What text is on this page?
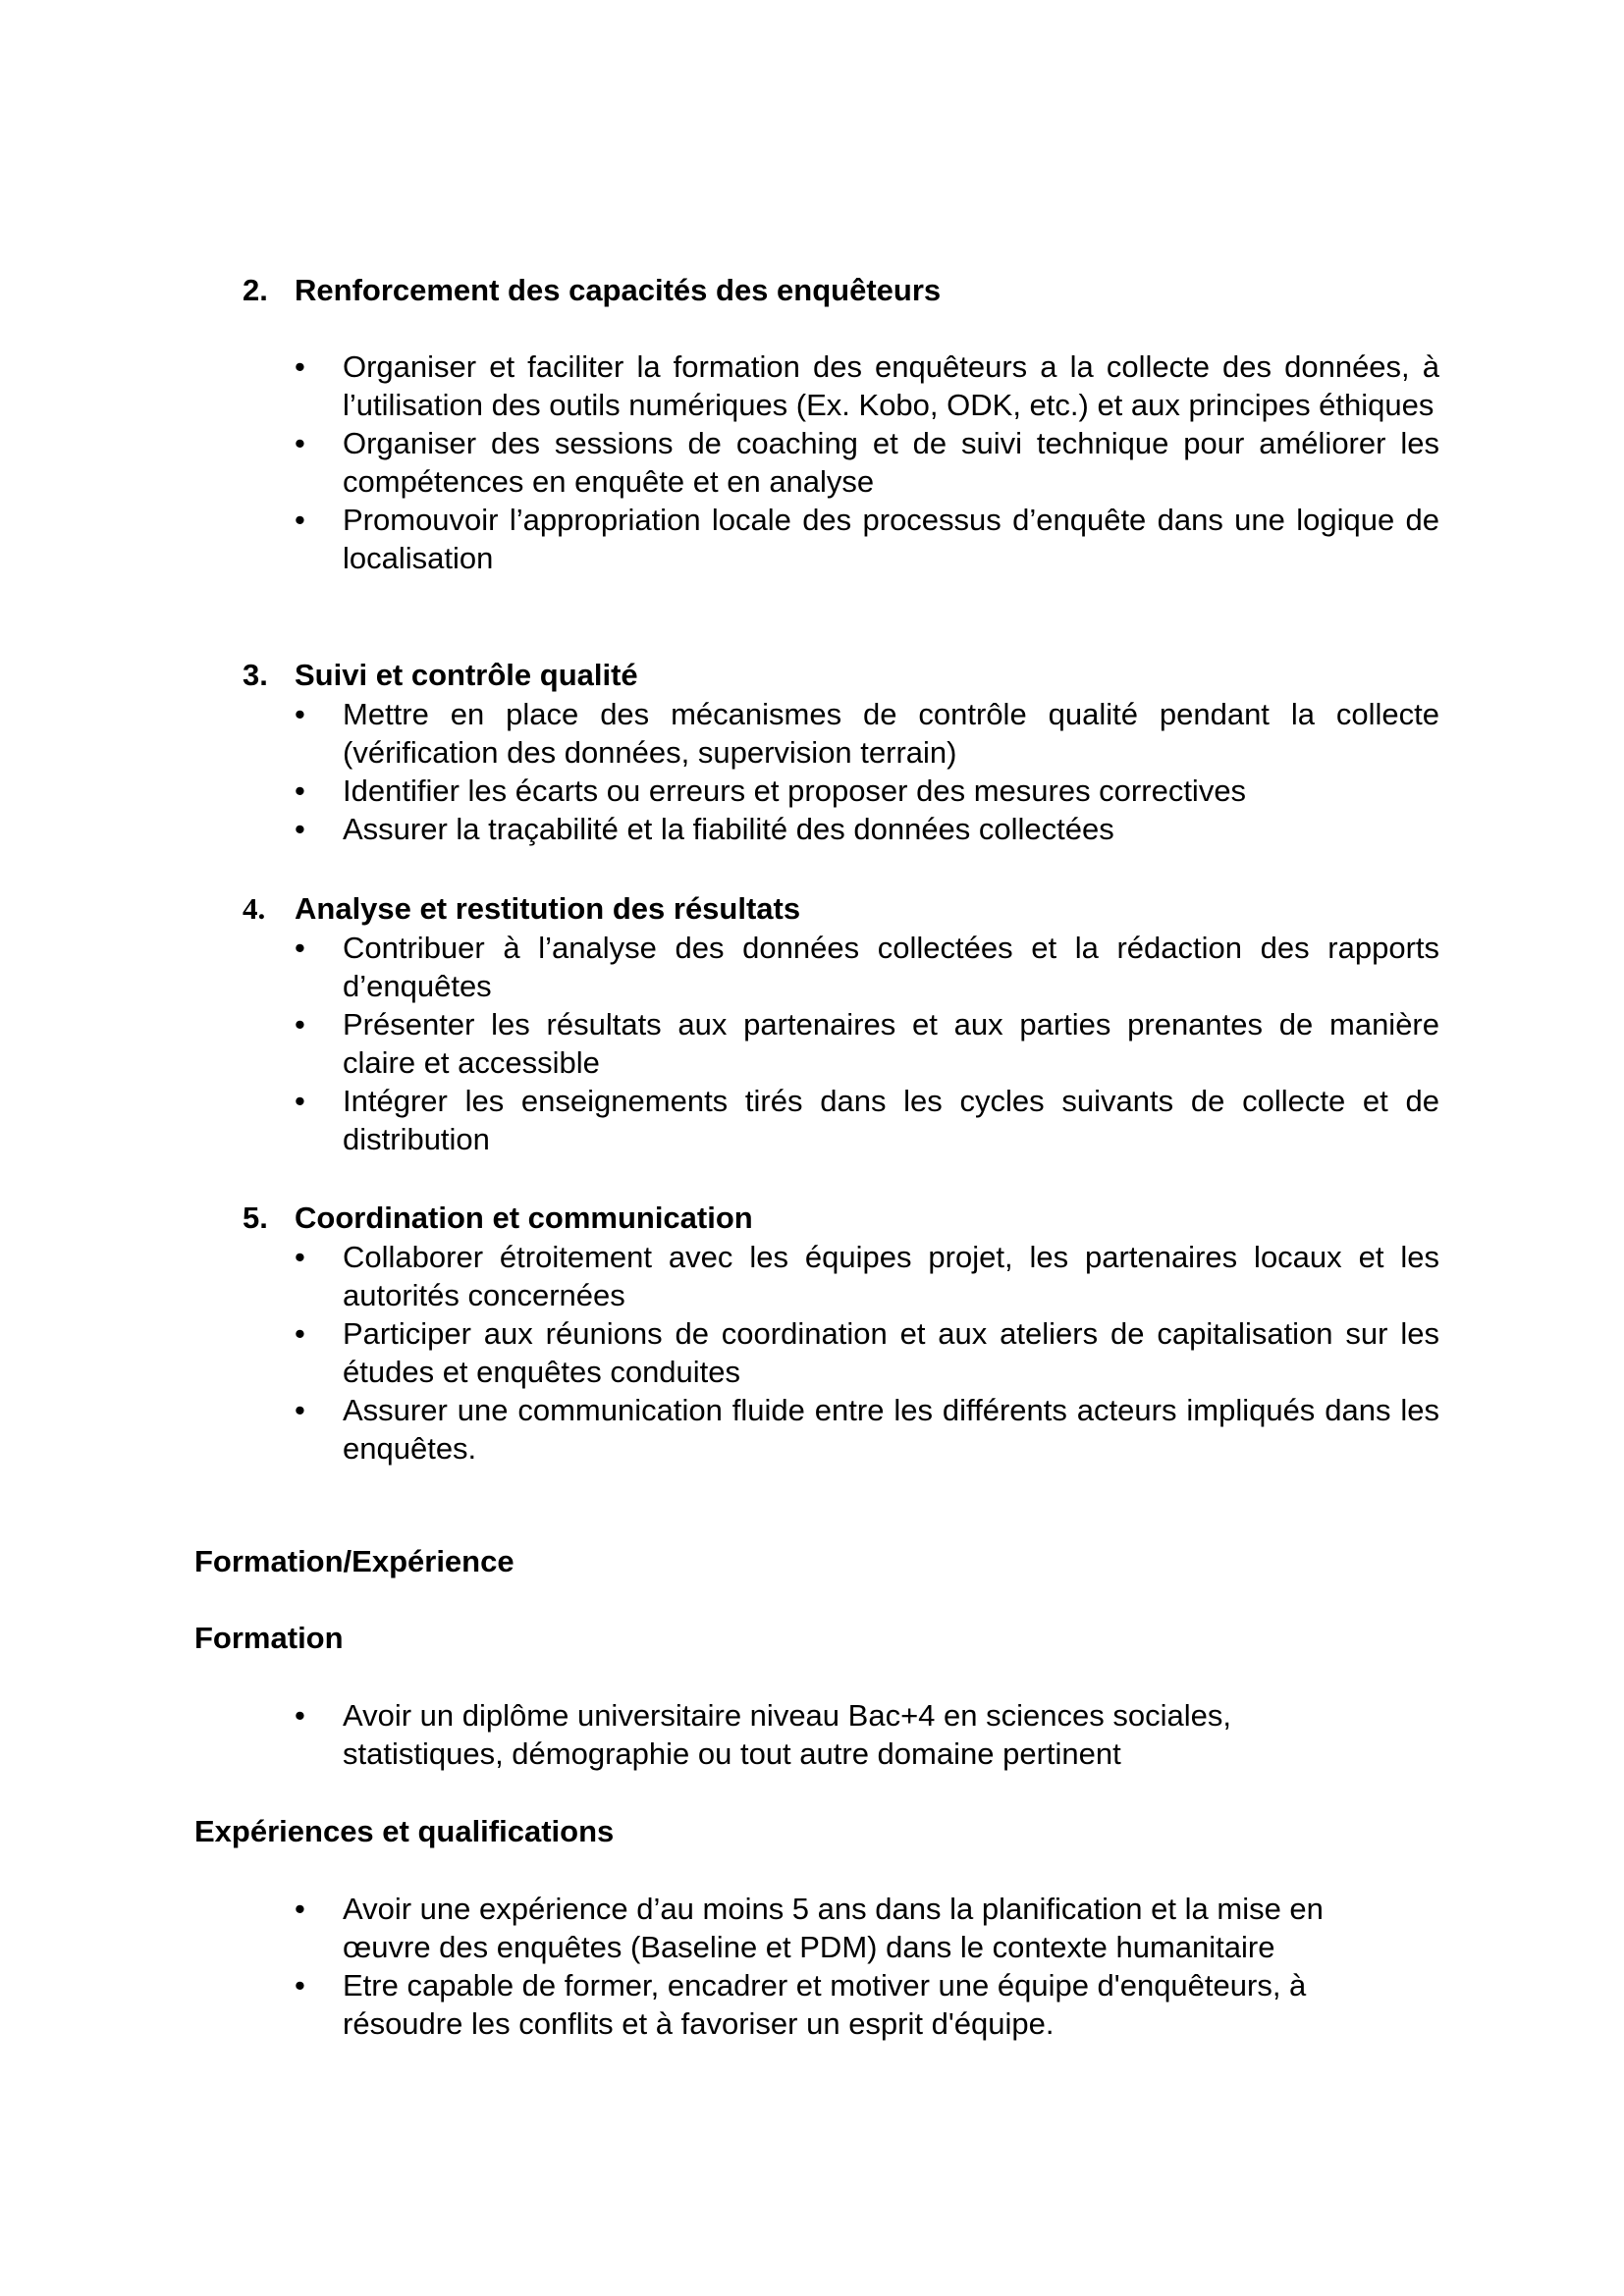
2. Renforcement des capacités des enquêteurs
• Organiser et faciliter la formation des enquêteurs a la collecte des données, à l’utilisation des outils numériques (Ex. Kobo, ODK, etc.) et aux principes éthiques
• Organiser des sessions de coaching et de suivi technique pour améliorer les compétences en enquête et en analyse
• Promouvoir l’appropriation locale des processus d’enquête dans une logique de localisation
3. Suivi et contrôle qualité
• Mettre en place des mécanismes de contrôle qualité pendant la collecte (vérification des données, supervision terrain)
• Identifier les écarts ou erreurs et proposer des mesures correctives
• Assurer la traçabilité et la fiabilité des données collectées
4. Analyse et restitution des résultats
• Contribuer à l’analyse des données collectées et la rédaction des rapports d’enquêtes
• Présenter les résultats aux partenaires et aux parties prenantes de manière claire et accessible
• Intégrer les enseignements tirés dans les cycles suivants de collecte et de distribution
5. Coordination et communication
• Collaborer étroitement avec les équipes projet, les partenaires locaux et les autorités concernées
• Participer aux réunions de coordination et aux ateliers de capitalisation sur les études et enquêtes conduites
• Assurer une communication fluide entre les différents acteurs impliqués dans les enquêtes.
Formation/Expérience
Formation
• Avoir un diplôme universitaire niveau Bac+4 en sciences sociales, statistiques, démographie ou tout autre domaine pertinent
Expériences et qualifications
• Avoir une expérience d’au moins 5 ans dans la planification et la mise en œuvre des enquêtes (Baseline et PDM) dans le contexte humanitaire
• Etre capable de former, encadrer et motiver une équipe d'enquêteurs, à résoudre les conflits et à favoriser un esprit d'équipe.
